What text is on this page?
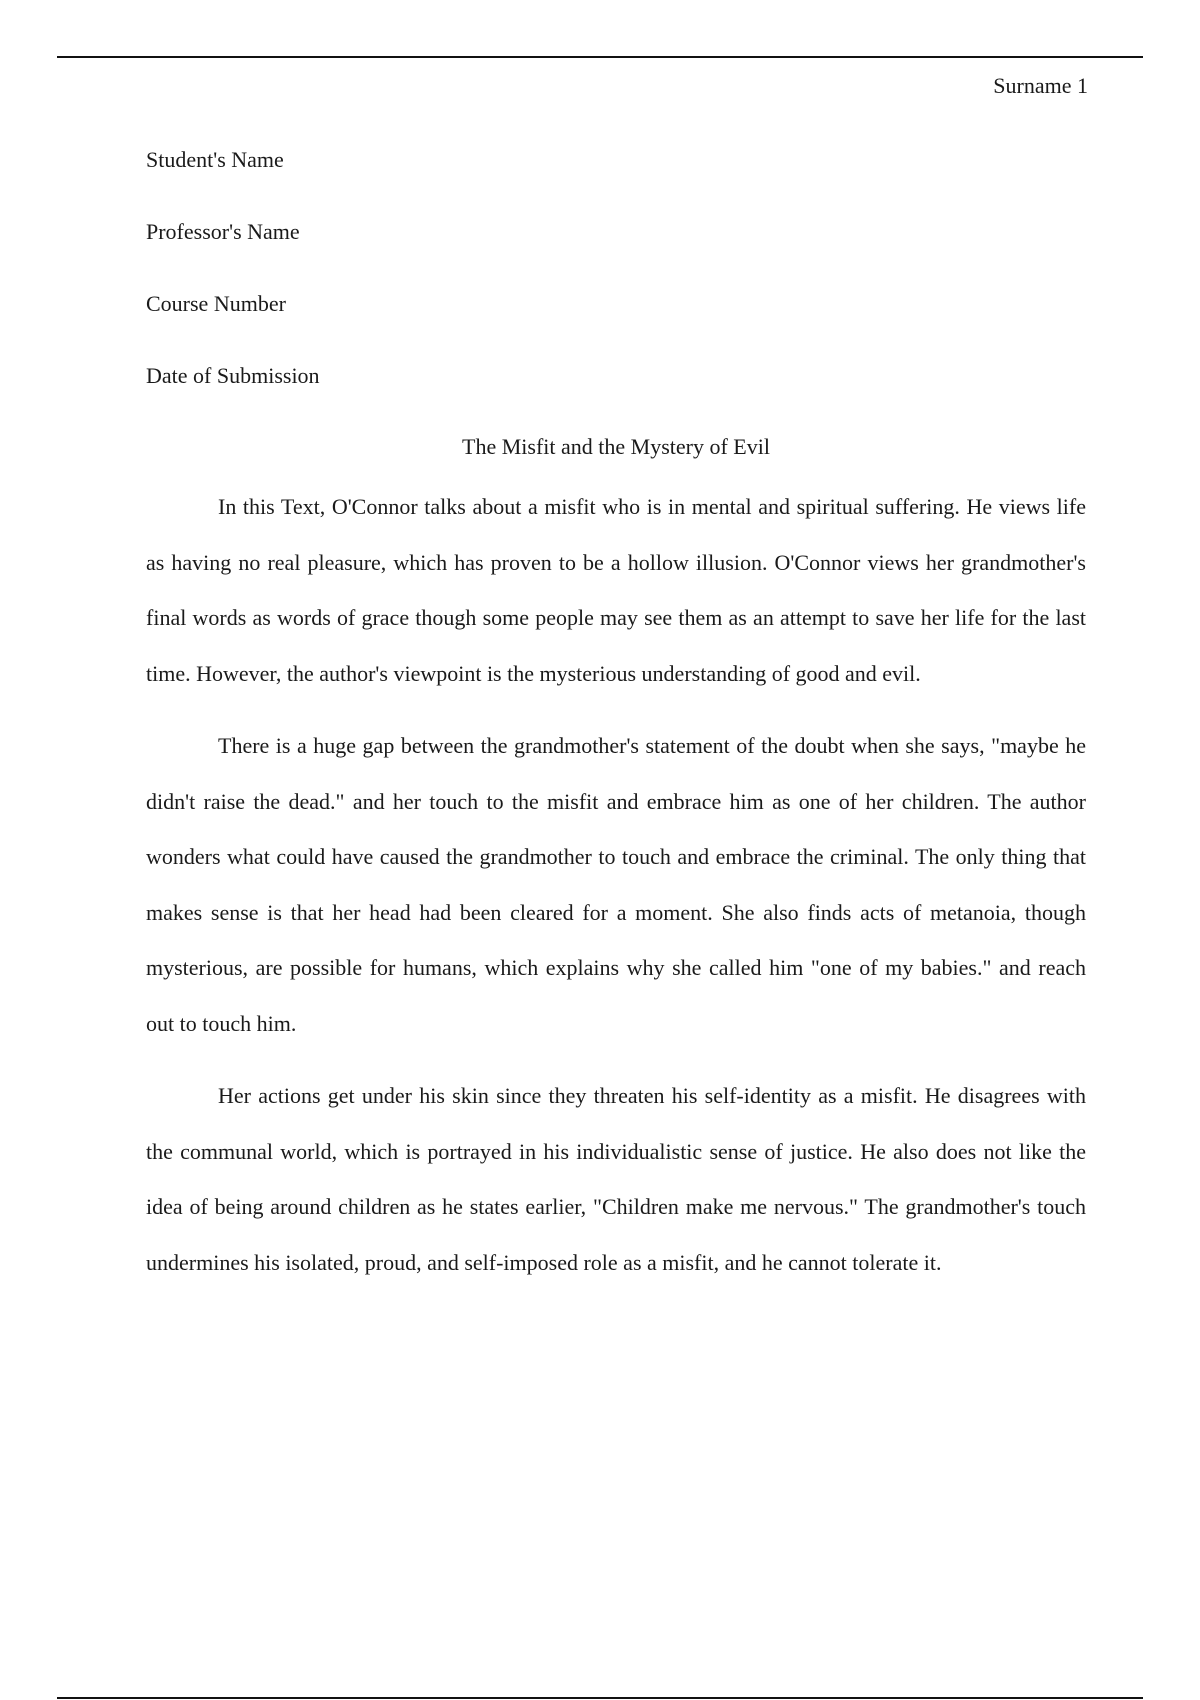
Surname 1
Student's Name
Professor's Name
Course Number
Date of Submission
The Misfit and the Mystery of Evil

In this Text, O'Connor talks about a misfit who is in mental and spiritual suffering. He views life as having no real pleasure, which has proven to be a hollow illusion. O'Connor views her grandmother's final words as words of grace though some people may see them as an attempt to save her life for the last time. However, the author's viewpoint is the mysterious understanding of good and evil.

There is a huge gap between the grandmother's statement of the doubt when she says, "maybe he didn't raise the dead." and her touch to the misfit and embrace him as one of her children. The author wonders what could have caused the grandmother to touch and embrace the criminal. The only thing that makes sense is that her head had been cleared for a moment. She also finds acts of metanoia, though mysterious, are possible for humans, which explains why she called him "one of my babies." and reach out to touch him.

Her actions get under his skin since they threaten his self-identity as a misfit. He disagrees with the communal world, which is portrayed in his individualistic sense of justice. He also does not like the idea of being around children as he states earlier, "Children make me nervous." The grandmother's touch undermines his isolated, proud, and self-imposed role as a misfit, and he cannot tolerate it.
